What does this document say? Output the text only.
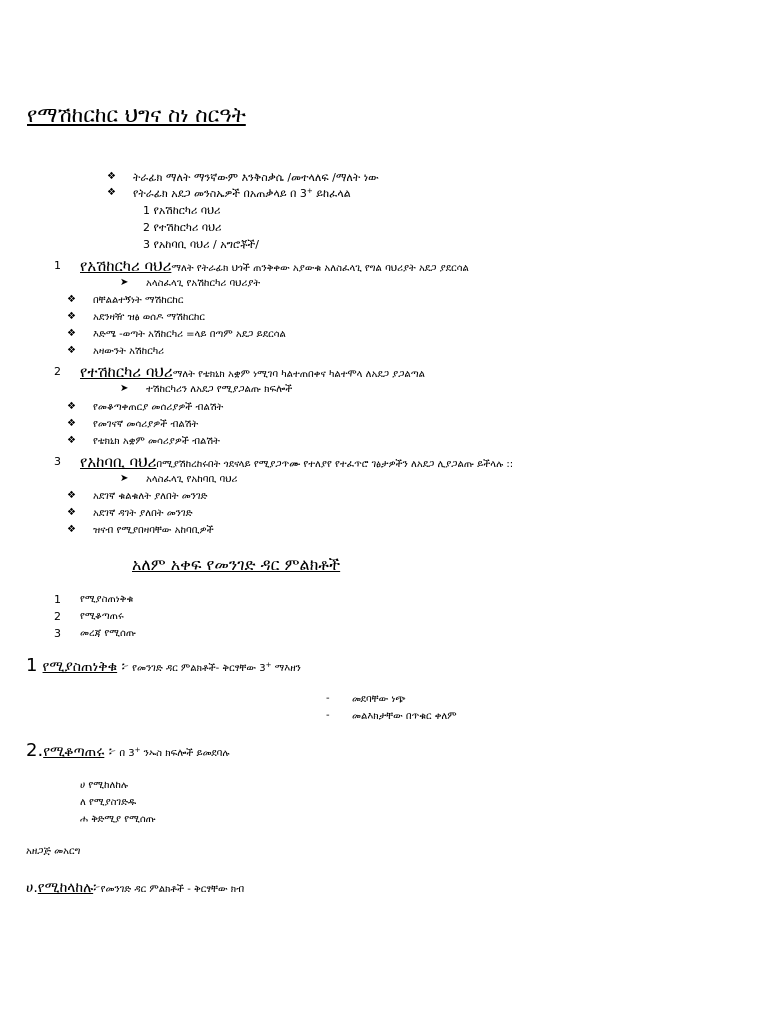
የማሽከርከር ህግና ስነ ስርዓት
❖ ትራፊክ ማለት ማንኛውም እንቅስቃሴ /መተላለፍ /ማለት ነው
❖ የትራፊክ አደጋ መንስኤዎች በአጠቃላይ በ 3+ ይከፈላል
1 የአሽከርካሪ ባህሪ
2 የተሽከርካሪ ባህሪ
3 የአከባቢ ባህሪ / አግሮቾች/
1 የአሽከርካሪ ባህሪማለት የትራፊክ ህጎች ጠንቅቀው አያውቁ አለስፈላጊ የግል ባህሪያት አደጋ ያደርሳል
➤ አላስፈላጊ የአሽከርካሪ ባህሪያት
❖ በቸልልተኝነት ማሽከርከር
❖ አደንዛዥ ዝፅ ወሰዶ ማሽከርከር
❖ እድሜ -ወጣት አሽከርካሪ =ላይ በጣም አደጋ ይደርሳል
❖ አዛውንት አሽከርካሪ
2 የተሽከርካሪ ባህሪማለት የቴክኒክ አቋም ነሚገባ ካልተጠበቀና ካልተሞላ ለአደጋ ያጋልጣል
➤ ተሽከርካሪን ለአደጋ የሚያጋልጡ ክፍሎች
❖ የመቆጣቀጠርያ መሰሪያዎች ብልሽት
❖ የመገናኛ መሳሪያዎች ብልሽት
❖ የቴክኒክ አቋም መሳሪያዎች ብልሽት
3 የአከባቢ ባህሪበሚያሽከረከሩበት ጎደናላይ የሚያጋጥሙ የተለያየ የተፈጥሮ ገፅታዎችን ለአደጋ ሊያጋልጡ ይችላሉ ::
➤ አላስፈላጊ የአከባቢ ባህሪ
❖ አደገኛ ቁልቁለት ያለበት መንገድ
❖ አደገኛ ዳገት ያለበት መንገድ
❖ ዝናብ የሚያበዛባቸው አከባቢዎች
አለም አቀፍ የመንገድ ዳር ምልክቶች
1 የሚያስጠነቅቁ
2 የሚቆጣጠሩ
3 መረጃ የሚሰጡ
1 የሚያስጠነቅቁ ፦ የመንገድ ዳር ምልክቶች- ቅርፃቸው 3+ ማእዘን
- መደባቸው ነጭ
- መልእክታቸው በጥቁር ቀለም
2.የሚቆጣጠሩ ፦ በ 3+ ንኡስ ክፍሎች ይመደባሉ
ሀ የሚከለከሉ
ለ የሚያስገድዱ
ሐ ቅድሚያ የሚሰጡ
አዘጋጅ መአርግ
ሀ.የሚከላከሉ፦የመንገድ ዳር ምልክቶች - ቅርፃቸው ክብ
